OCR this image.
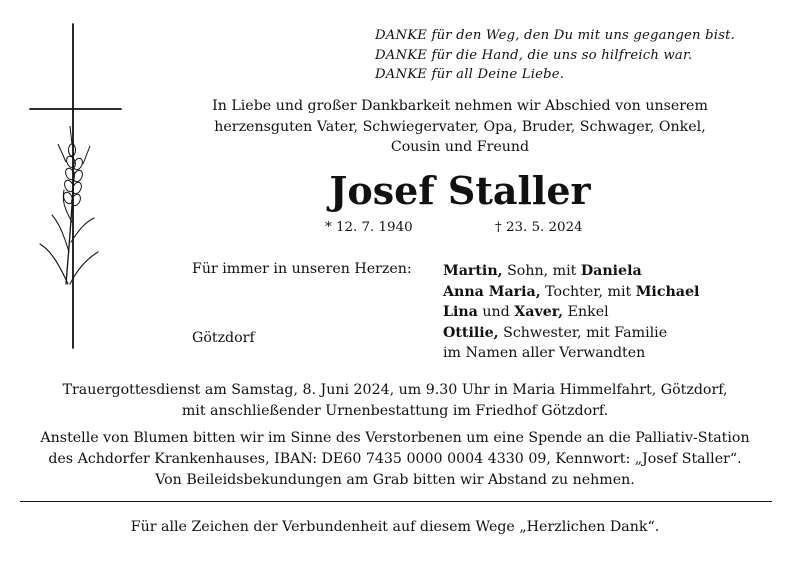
DANKE für den Weg, den Du mit uns gegangen bist.
DANKE für die Hand, die uns so hilfreich war.
DANKE für all Deine Liebe.
In Liebe und großer Dankbarkeit nehmen wir Abschied von unserem
herzensguten Vater, Schwiegervater, Opa, Bruder, Schwager, Onkel,
Cousin und Freund
Josef Staller
* 12. 7. 1940	† 23. 5. 2024
Für immer in unseren Herzen:
Götzdorf
Martin, Sohn, mit Daniela
Anna Maria, Tochter, mit Michael
Lina und Xaver, Enkel
Ottilie, Schwester, mit Familie
im Namen aller Verwandten
Trauergottesdienst am Samstag, 8. Juni 2024, um 9.30 Uhr in Maria Himmelfahrt, Götzdorf,
mit anschließender Urnenbestattung im Friedhof Götzdorf.
Anstelle von Blumen bitten wir im Sinne des Verstorbenen um eine Spende an die Palliativ-Station
des Achdorfer Krankenhauses, IBAN: DE60 7435 0000 0004 4330 09, Kennwort: „Josef Staller“.
Von Beileidsbekundungen am Grab bitten wir Abstand zu nehmen.
Für alle Zeichen der Verbundenheit auf diesem Wege „Herzlichen Dank“.
